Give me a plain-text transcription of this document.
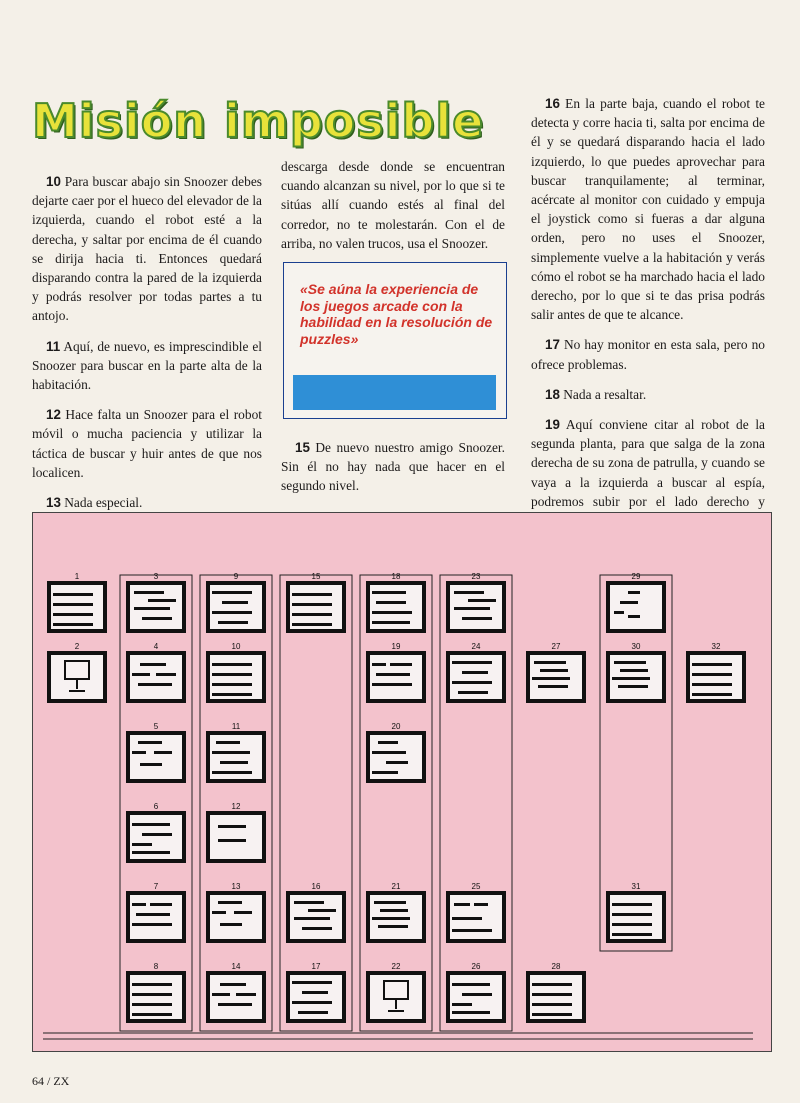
Misión imposible

10 Para buscar abajo sin Snoozer debes dejarte caer por el hueco del elevador de la izquierda, cuando el robot esté a la derecha, y saltar por encima de él cuando se dirija hacia ti. Entonces quedará disparando contra la pared de la izquierda y podrás resolver por todas partes a tu antojo.

11 Aquí, de nuevo, es imprescindible el Snoozer para buscar en la parte alta de la habitación.

12 Hace falta un Snoozer para el robot móvil o mucha paciencia y utilizar la táctica de buscar y huir antes de que nos localicen.

13 Nada especial.

descarga desde donde se encuentran cuando alcanzan su nivel, por lo que si te sitúas allí cuando estés al final del corredor, no te molestarán. Con el de arriba, no valen trucos, usa el Snoozer.

«Se aúna la experiencia de los juegos arcade con la habilidad en la resolución de puzzles»

15 De nuevo nuestro amigo Snoozer. Sin él no hay nada que hacer en el segundo nivel.

16 En la parte baja, cuando el robot te detecta y corre hacia ti, salta por encima de él y se quedará disparando hacia el lado izquierdo, lo que puedes aprovechar para buscar tranquilamente; al terminar, acércate al monitor con cuidado y empuja el joystick como si fueras a dar alguna orden, pero no uses el Snoozer, simplemente vuelve a la habitación y verás cómo el robot se ha marchado hacia el lado derecho, por lo que si te das prisa podrás salir antes de que te alcance.

17 No hay monitor en esta sala, pero no ofrece problemas.

18 Nada a resaltar.

19 Aquí conviene citar al robot de la segunda planta, para que salga de la zona derecha de su zona de patrulla, y cuando se vaya a la izquierda a buscar al espía, podremos subir por el lado derecho y

1
2
3
4
5
6
7
8
9
10
11
12
13
14
15
16
17
18
19
20
21
22
23
24
25
26
27
28
29
30
31
32
64 / ZX
